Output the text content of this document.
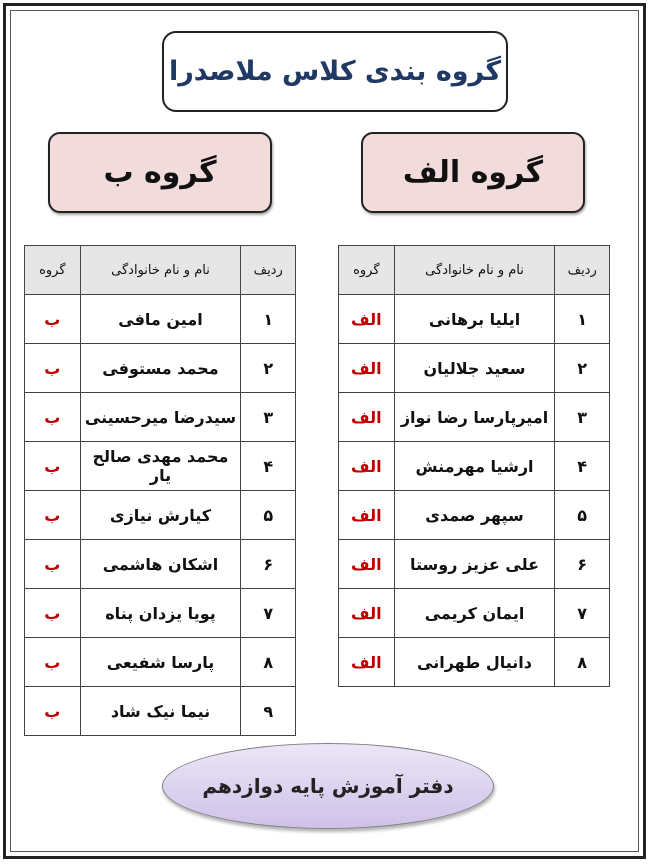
گروه بندی کلاس ملاصدرا
گروه الف
گروه ب
ردیف	نام و نام خانوادگی	گروه
۱	ایلیا برهانی	الف
۲	سعید جلالیان	الف
۳	امیرپارسا رضا نواز	الف
۴	ارشیا مهرمنش	الف
۵	سپهر صمدی	الف
۶	علی عزیز روستا	الف
۷	ایمان کریمی	الف
۸	دانیال طهرانی	الف
ردیف	نام و نام خانوادگی	گروه
۱	امین مافی	ب
۲	محمد مستوفی	ب
۳	سیدرضا میرحسینی	ب
۴	محمد مهدی صالح یار	ب
۵	کیارش نیازی	ب
۶	اشکان هاشمی	ب
۷	پویا یزدان پناه	ب
۸	پارسا شفیعی	ب
۹	نیما نیک شاد	ب
دفتر آموزش پایه دوازدهم
